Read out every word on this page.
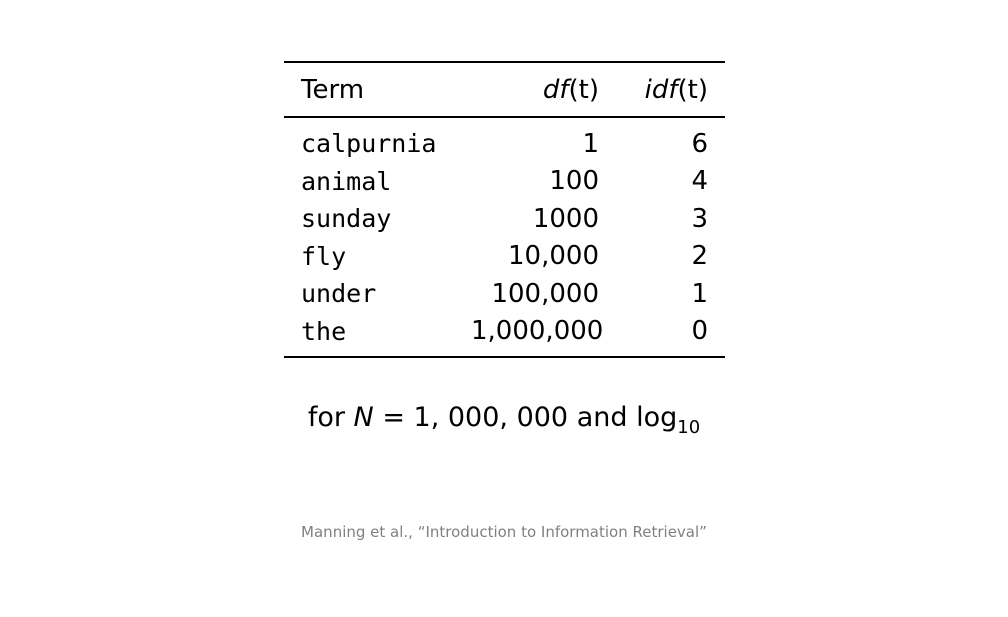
Term	df(t)	idf(t)
calpurnia	1	6
animal	100	4
sunday	1000	3
fly	10,000	2
under	100,000	1
the	1,000,000	0
for N = 1, 000, 000 and $\log_{10}$
Manning et al., “Introduction to Information Retrieval”
